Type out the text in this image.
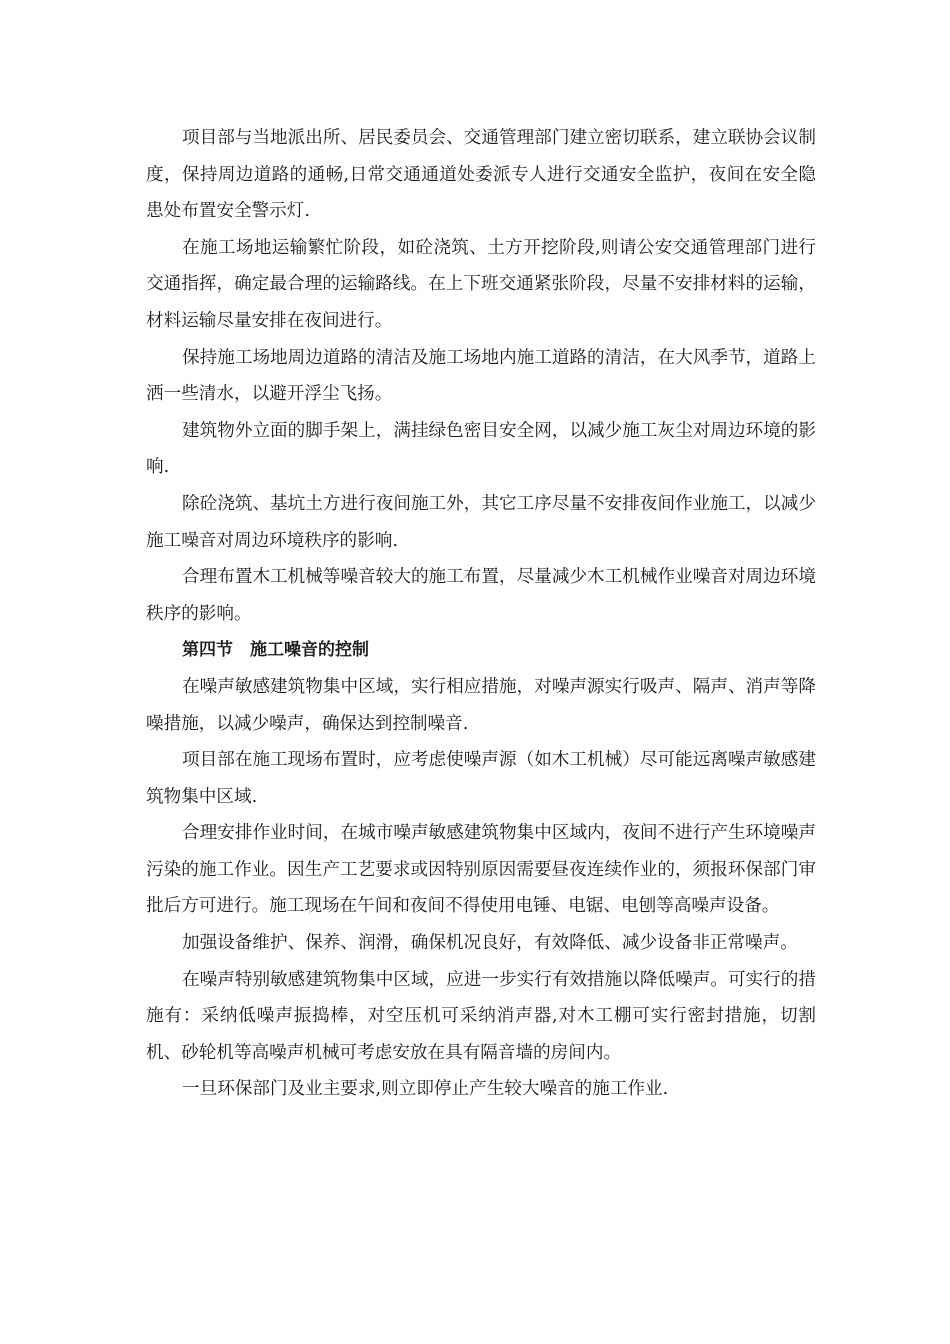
项目部与当地派出所、居民委员会、交通管理部门建立密切联系，建立联协会议制度，保持周边道路的通畅,日常交通通道处委派专人进行交通安全监护，夜间在安全隐患处布置安全警示灯.

在施工场地运输繁忙阶段，如砼浇筑、土方开挖阶段,则请公安交通管理部门进行交通指挥，确定最合理的运输路线。在上下班交通紧张阶段，尽量不安排材料的运输，材料运输尽量安排在夜间进行。

保持施工场地周边道路的清洁及施工场地内施工道路的清洁，在大风季节，道路上洒一些清水，以避开浮尘飞扬。

建筑物外立面的脚手架上，满挂绿色密目安全网，以减少施工灰尘对周边环境的影响.

除砼浇筑、基坑土方进行夜间施工外，其它工序尽量不安排夜间作业施工，以减少施工噪音对周边环境秩序的影响.

合理布置木工机械等噪音较大的施工布置，尽量减少木工机械作业噪音对周边环境秩序的影响。

第四节　施工噪音的控制

在噪声敏感建筑物集中区域，实行相应措施，对噪声源实行吸声、隔声、消声等降噪措施，以减少噪声，确保达到控制噪音.

项目部在施工现场布置时，应考虑使噪声源（如木工机械）尽可能远离噪声敏感建筑物集中区域.

合理安排作业时间，在城市噪声敏感建筑物集中区域内，夜间不进行产生环境噪声污染的施工作业。因生产工艺要求或因特别原因需要昼夜连续作业的，须报环保部门审批后方可进行。施工现场在午间和夜间不得使用电锤、电锯、电刨等高噪声设备。

加强设备维护、保养、润滑，确保机况良好，有效降低、减少设备非正常噪声。

在噪声特别敏感建筑物集中区域，应进一步实行有效措施以降低噪声。可实行的措施有：采纳低噪声振捣棒，对空压机可采纳消声器,对木工棚可实行密封措施，切割机、砂轮机等高噪声机械可考虑安放在具有隔音墙的房间内。

一旦环保部门及业主要求,则立即停止产生较大噪音的施工作业.
